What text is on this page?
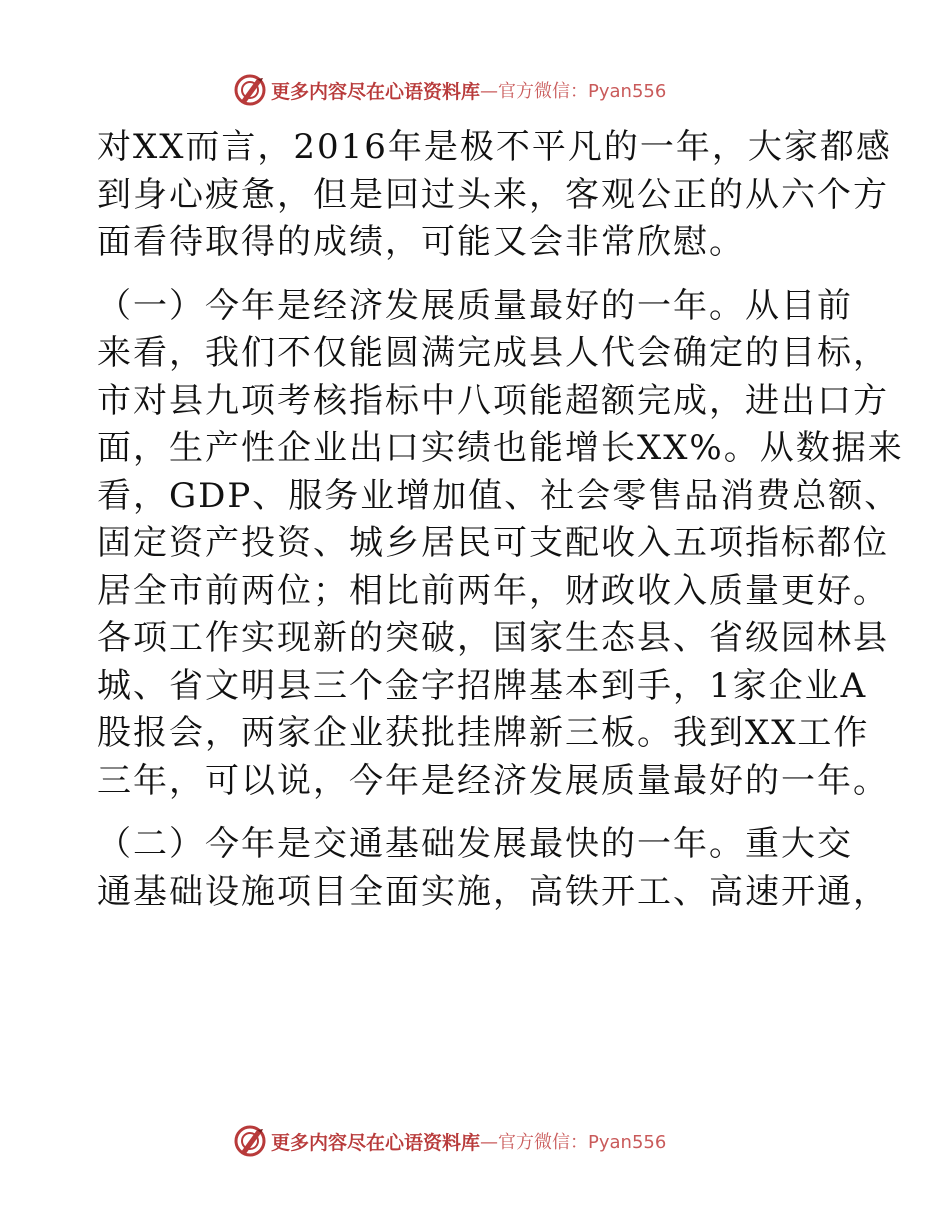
更多内容尽在心语资料库 —官方微信：Pyan556

对XX而言，2016年是极不平凡的一年，大家都感
到身心疲惫，但是回过头来，客观公正的从六个方
面看待取得的成绩，可能又会非常欣慰。

（一）今年是经济发展质量最好的一年。从目前
来看，我们不仅能圆满完成县人代会确定的目标，
市对县九项考核指标中八项能超额完成，进出口方
面，生产性企业出口实绩也能增长XX%。从数据来
看，GDP、服务业增加值、社会零售品消费总额、
固定资产投资、城乡居民可支配收入五项指标都位
居全市前两位；相比前两年，财政收入质量更好。
各项工作实现新的突破，国家生态县、省级园林县
城、省文明县三个金字招牌基本到手，1家企业A
股报会，两家企业获批挂牌新三板。我到XX工作
三年，可以说，今年是经济发展质量最好的一年。

（二）今年是交通基础发展最快的一年。重大交
通基础设施项目全面实施，高铁开工、高速开通，

更多内容尽在心语资料库 —官方微信：Pyan556
